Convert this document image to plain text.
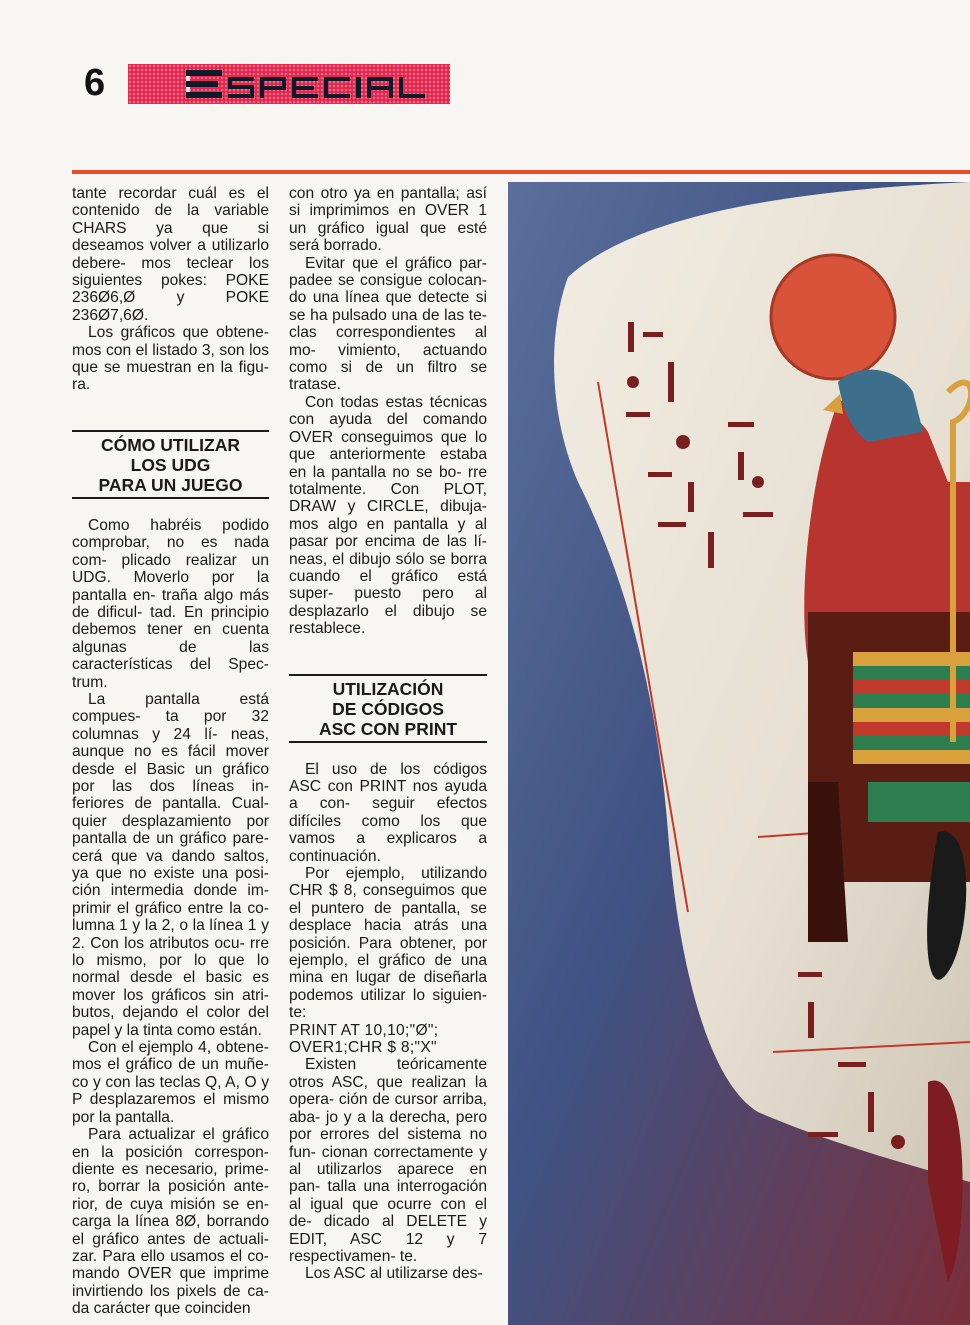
6

tante recordar cuál es el contenido de la variable CHARS ya que si deseamos volver a utilizarlo debere- mos teclear los siguientes pokes: POKE 236Ø6,Ø y POKE 236Ø7,6Ø.

Los gráficos que obtene- mos con el listado 3, son los que se muestran en la figu- ra.

CÓMO UTILIZAR
LOS UDG
PARA UN JUEGO

Como habréis podido comprobar, no es nada com- plicado realizar un UDG. Moverlo por la pantalla en- traña algo más de dificul- tad. En principio debemos tener en cuenta algunas de las características del Spec- trum.

La pantalla está compues- ta por 32 columnas y 24 lí- neas, aunque no es fácil mover desde el Basic un gráfico por las dos líneas in- feriores de pantalla. Cual- quier desplazamiento por pantalla de un gráfico pare- cerá que va dando saltos, ya que no existe una posi- ción intermedia donde im- primir el gráfico entre la co- lumna 1 y la 2, o la línea 1 y 2. Con los atributos ocu- rre lo mismo, por lo que lo normal desde el basic es mover los gráficos sin atri- butos, dejando el color del papel y la tinta como están.

Con el ejemplo 4, obtene- mos el gráfico de un muñe- co y con las teclas Q, A, O y P desplazaremos el mismo por la pantalla.

Para actualizar el gráfico en la posición correspon- diente es necesario, prime- ro, borrar la posición ante- rior, de cuya misión se en- carga la línea 8Ø, borrando el gráfico antes de actuali- zar. Para ello usamos el co- mando OVER que imprime invirtiendo los pixels de ca- da carácter que coinciden

con otro ya en pantalla; así si imprimimos en OVER 1 un gráfico igual que esté será borrado.

Evitar que el gráfico par- padee se consigue colocan- do una línea que detecte si se ha pulsado una de las te- clas correspondientes al mo- vimiento, actuando como si de un filtro se tratase.

Con todas estas técnicas con ayuda del comando OVER conseguimos que lo que anteriormente estaba en la pantalla no se bo- rre totalmente. Con PLOT, DRAW y CIRCLE, dibuja- mos algo en pantalla y al pasar por encima de las lí- neas, el dibujo sólo se borra cuando el gráfico está super- puesto pero al desplazarlo el dibujo se restablece.

UTILIZACIÓN
DE CÓDIGOS
ASC CON PRINT

El uso de los códigos ASC con PRINT nos ayuda a con- seguir efectos difíciles como los que vamos a explicaros a continuación.

Por ejemplo, utilizando CHR $ 8, conseguimos que el puntero de pantalla, se desplace hacia atrás una posición. Para obtener, por ejemplo, el gráfico de una mina en lugar de diseñarla podemos utilizar lo siguien- te:

PRINT AT 10,10;"Ø"; OVER1;CHR $ 8;"X"

Existen teóricamente otros ASC, que realizan la opera- ción de cursor arriba, aba- jo y a la derecha, pero por errores del sistema no fun- cionan correctamente y al utilizarlos aparece en pan- talla una interrogación al igual que ocurre con el de- dicado al DELETE y EDIT, ASC 12 y 7 respectivamen- te.

Los ASC al utilizarse des-
